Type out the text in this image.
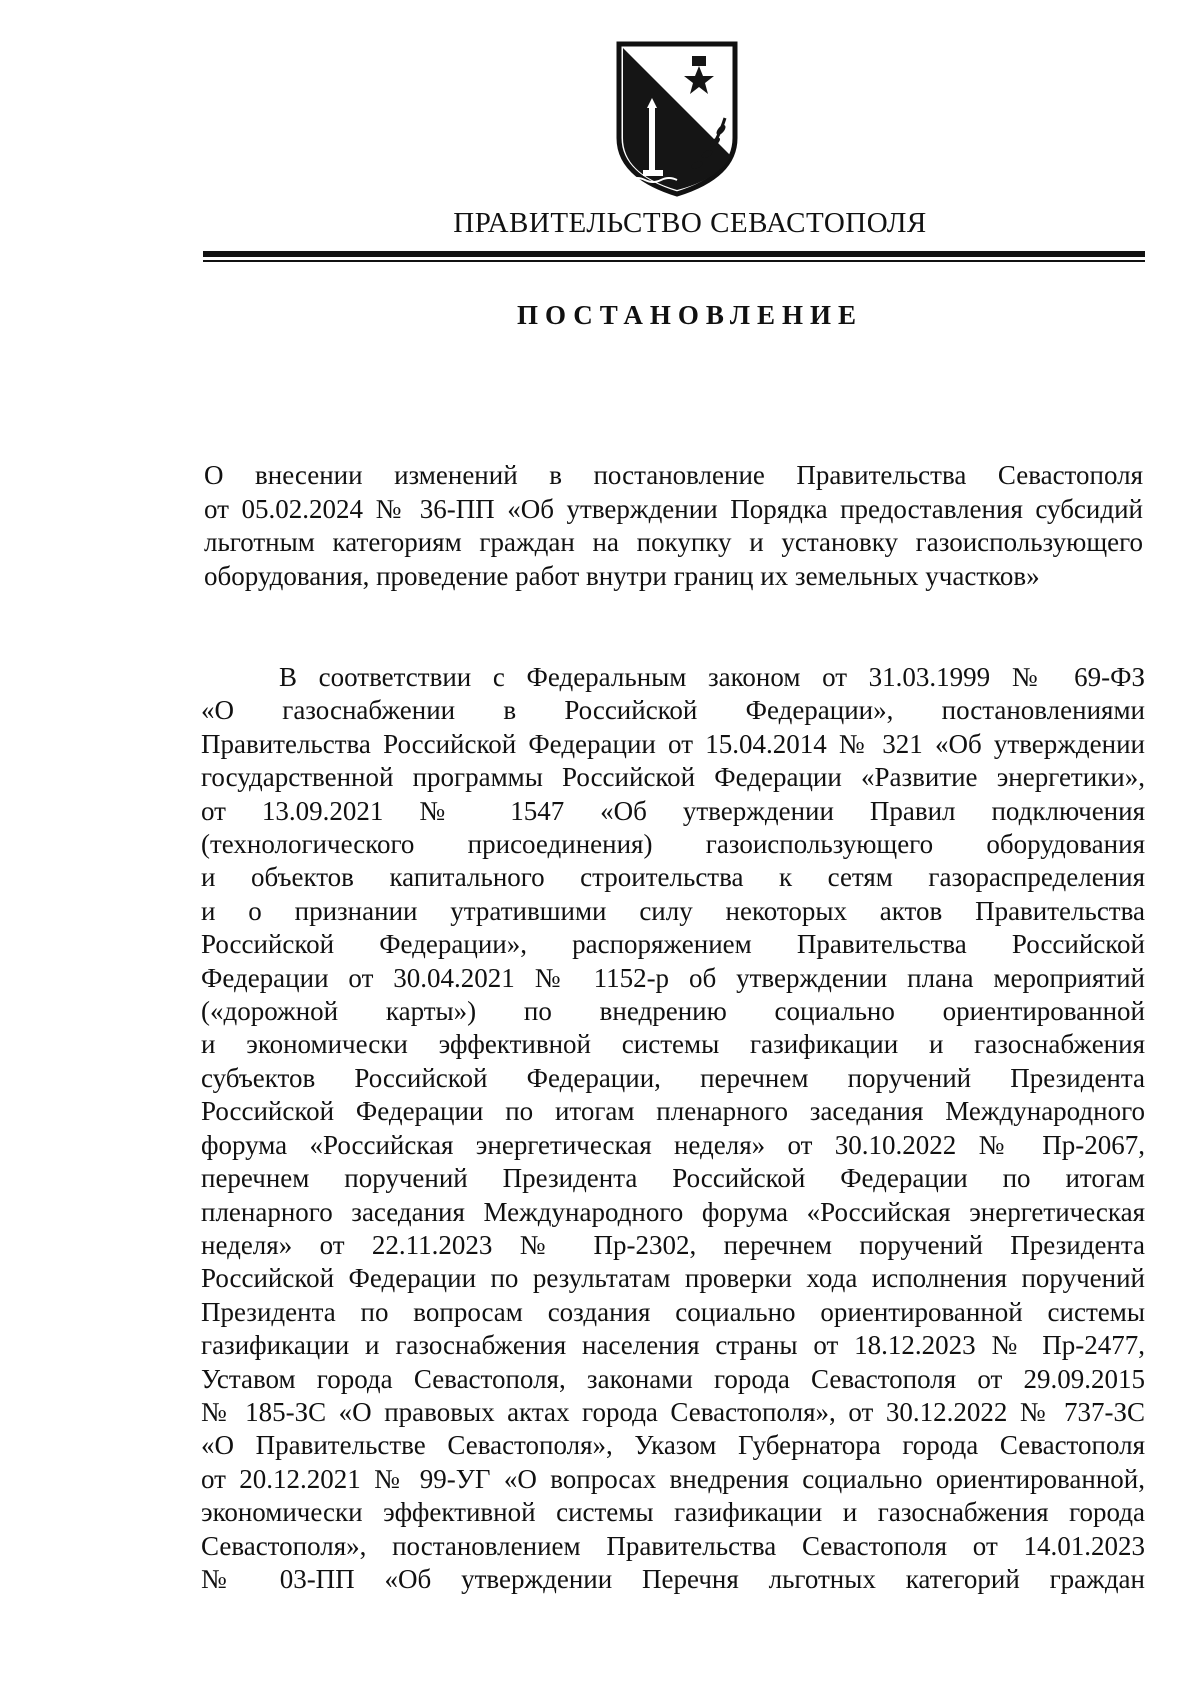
ПРАВИТЕЛЬСТВО СЕВАСТОПОЛЯ
ПОСТАНОВЛЕНИЕ
О внесении изменений в постановление Правительства Севастополя
от 05.02.2024 № 36-ПП «Об утверждении Порядка предоставления субсидий
льготным категориям граждан на покупку и установку газоиспользующего
оборудования, проведение работ внутри границ их земельных участков»
В соответствии с Федеральным законом от 31.03.1999 № 69-ФЗ
«О газоснабжении в Российской Федерации», постановлениями
Правительства Российской Федерации от 15.04.2014 № 321 «Об утверждении
государственной программы Российской Федерации «Развитие энергетики»,
от 13.09.2021 № 1547 «Об утверждении Правил подключения
(технологического присоединения) газоиспользующего оборудования
и объектов капитального строительства к сетям газораспределения
и о признании утратившими силу некоторых актов Правительства
Российской Федерации», распоряжением Правительства Российской
Федерации от 30.04.2021 № 1152-р об утверждении плана мероприятий
(«дорожной карты») по внедрению социально ориентированной
и экономически эффективной системы газификации и газоснабжения
субъектов Российской Федерации, перечнем поручений Президента
Российской Федерации по итогам пленарного заседания Международного
форума «Российская энергетическая неделя» от 30.10.2022 № Пр-2067,
перечнем поручений Президента Российской Федерации по итогам
пленарного заседания Международного форума «Российская энергетическая
неделя» от 22.11.2023 № Пр-2302, перечнем поручений Президента
Российской Федерации по результатам проверки хода исполнения поручений
Президента по вопросам создания социально ориентированной системы
газификации и газоснабжения населения страны от 18.12.2023 № Пр-2477,
Уставом города Севастополя, законами города Севастополя от 29.09.2015
№ 185-ЗС «О правовых актах города Севастополя», от 30.12.2022 № 737-ЗС
«О Правительстве Севастополя», Указом Губернатора города Севастополя
от 20.12.2021 № 99-УГ «О вопросах внедрения социально ориентированной,
экономически эффективной системы газификации и газоснабжения города
Севастополя», постановлением Правительства Севастополя от 14.01.2023
№ 03-ПП «Об утверждении Перечня льготных категорий граждан
